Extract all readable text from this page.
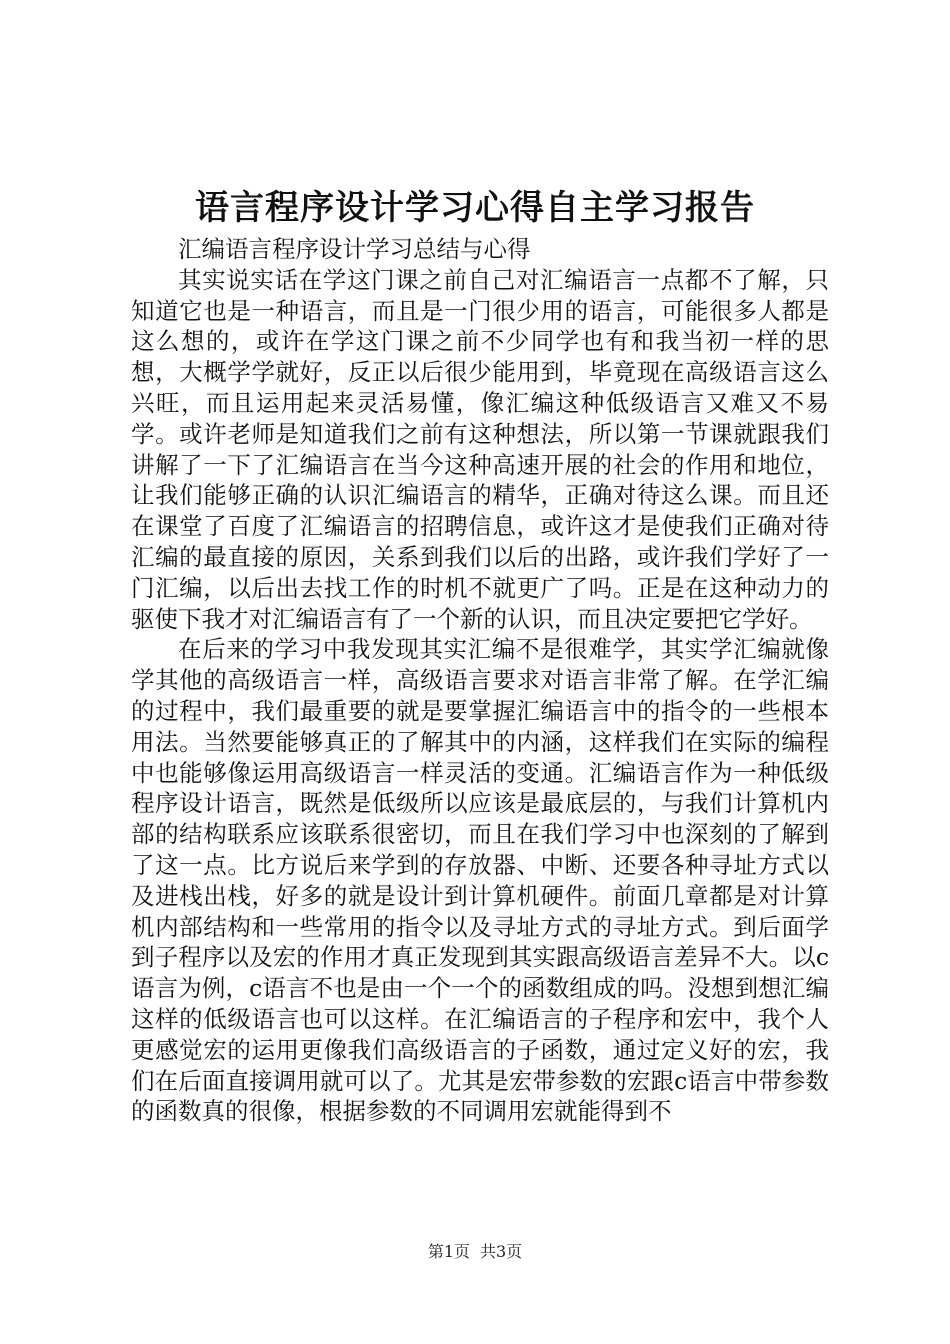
语言程序设计学习心得自主学习报告

汇编语言程序设计学习总结与心得

其实说实话在学这门课之前自己对汇编语言一点都不了解，只知道它也是一种语言，而且是一门很少用的语言，可能很多人都是这么想的，或许在学这门课之前不少同学也有和我当初一样的思想，大概学学就好，反正以后很少能用到，毕竟现在高级语言这么兴旺，而且运用起来灵活易懂，像汇编这种低级语言又难又不易学。或许老师是知道我们之前有这种想法，所以第一节课就跟我们讲解了一下了汇编语言在当今这种高速开展的社会的作用和地位，让我们能够正确的认识汇编语言的精华，正确对待这么课。而且还在课堂了百度了汇编语言的招聘信息，或许这才是使我们正确对待汇编的最直接的原因，关系到我们以后的出路，或许我们学好了一门汇编，以后出去找工作的时机不就更广了吗。正是在这种动力的驱使下我才对汇编语言有了一个新的认识，而且决定要把它学好。

在后来的学习中我发现其实汇编不是很难学，其实学汇编就像学其他的高级语言一样，高级语言要求对语言非常了解。在学汇编的过程中，我们最重要的就是要掌握汇编语言中的指令的一些根本用法。当然要能够真正的了解其中的内涵，这样我们在实际的编程中也能够像运用高级语言一样灵活的变通。汇编语言作为一种低级程序设计语言，既然是低级所以应该是最底层的，与我们计算机内部的结构联系应该联系很密切，而且在我们学习中也深刻的了解到了这一点。比方说后来学到的存放器、中断、还要各种寻址方式以及进栈出栈，好多的就是设计到计算机硬件。前面几章都是对计算机内部结构和一些常用的指令以及寻址方式的寻址方式。到后面学到子程序以及宏的作用才真正发现到其实跟高级语言差异不大。以c语言为例，c语言不也是由一个一个的函数组成的吗。没想到想汇编这样的低级语言也可以这样。在汇编语言的子程序和宏中，我个人更感觉宏的运用更像我们高级语言的子函数，通过定义好的宏，我们在后面直接调用就可以了。尤其是宏带参数的宏跟c语言中带参数的函数真的很像，根据参数的不同调用宏就能得到不

第1页 共3页
